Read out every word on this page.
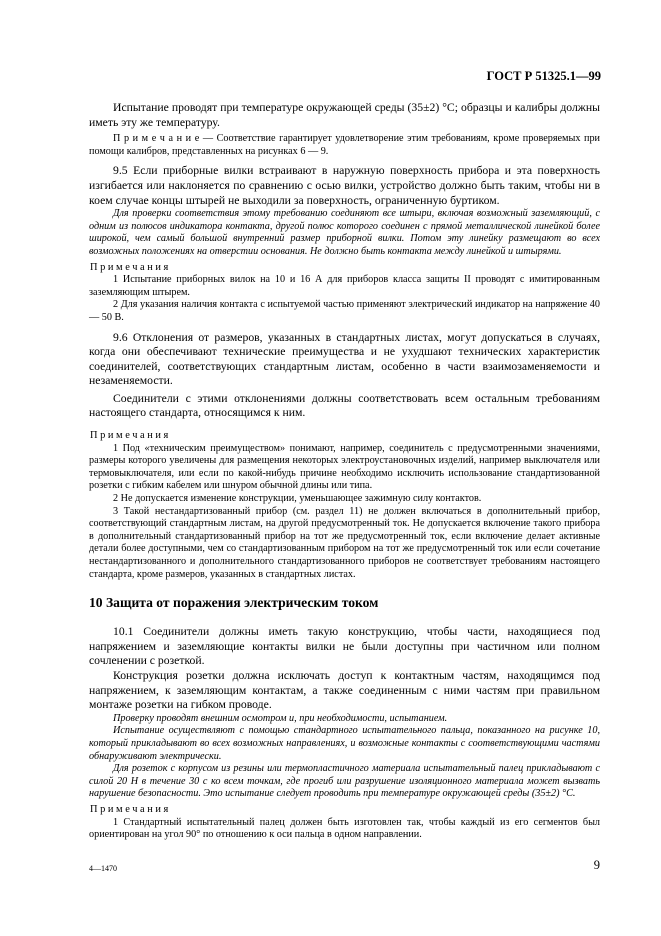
ГОСТ Р 51325.1—99

Испытание проводят при температуре окружающей среды (35±2) °С; образцы и калибры должны иметь эту же температуру.

П р и м е ч а н и е — Соответствие гарантирует удовлетворение этим требованиям, кроме проверяемых при помощи калибров, представленных на рисунках 6 — 9.

9.5 Если приборные вилки встраивают в наружную поверхность прибора и эта поверхность изгибается или наклоняется по сравнению с осью вилки, устройство должно быть таким, чтобы ни в коем случае концы штырей не выходили за поверхность, ограниченную буртиком.

Для проверки соответствия этому требованию соединяют все штыри, включая возможный заземляющий, с одним из полюсов индикатора контакта, другой полюс которого соединен с прямой металлической линейкой более широкой, чем самый большой внутренний размер приборной вилки. Потом эту линейку размещают во всех возможных положениях на отверстии основания. Не должно быть контакта между линейкой и штырями.

Примечания

1 Испытание приборных вилок на 10 и 16 А для приборов класса защиты II проводят с имитированным заземляющим штырем.

2 Для указания наличия контакта с испытуемой частью применяют электрический индикатор на напряжение 40 — 50 В.

9.6 Отклонения от размеров, указанных в стандартных листах, могут допускаться в случаях, когда они обеспечивают технические преимущества и не ухудшают технических характеристик соединителей, соответствующих стандартным листам, особенно в части взаимозаменяемости и незаменяемости.

Соединители с этими отклонениями должны соответствовать всем остальным требованиям настоящего стандарта, относящимся к ним.

Примечания

1 Под «техническим преимуществом» понимают, например, соединитель с предусмотренными значениями, размеры которого увеличены для размещения некоторых электроустановочных изделий, например выключателя или термовыключателя, или если по какой-нибудь причине необходимо исключить использование стандартизованной розетки с гибким кабелем или шнуром обычной длины или типа.

2 Не допускается изменение конструкции, уменьшающее зажимную силу контактов.

3 Такой нестандартизованный прибор (см. раздел 11) не должен включаться в дополнительный прибор, соответствующий стандартным листам, на другой предусмотренный ток. Не допускается включение такого прибора в дополнительный стандартизованный прибор на тот же предусмотренный ток, если включение делает активные детали более доступными, чем со стандартизованным прибором на тот же предусмотренный ток или если сочетание нестандартизованного и дополнительного стандартизованного приборов не соответствует требованиям настоящего стандарта, кроме размеров, указанных в стандартных листах.

10 Защита от поражения электрическим током

10.1 Соединители должны иметь такую конструкцию, чтобы части, находящиеся под напряжением и заземляющие контакты вилки не были доступны при частичном или полном сочленении с розеткой.

Конструкция розетки должна исключать доступ к контактным частям, находящимся под напряжением, к заземляющим контактам, а также соединенным с ними частям при правильном монтаже розетки на гибком проводе.

Проверку проводят внешним осмотром и, при необходимости, испытанием.

Испытание осуществляют с помощью стандартного испытательного пальца, показанного на рисунке 10, который прикладывают во всех возможных направлениях, и возможные контакты с соответствующими частями обнаруживают электрически.

Для розеток с корпусом из резины или термопластичного материала испытательный палец прикладывают с силой 20 Н в течение 30 с ко всем точкам, где прогиб или разрушение изоляционного материала может вызвать нарушение безопасности. Это испытание следует проводить при температуре окружающей среды (35±2) °С.

Примечания

1 Стандартный испытательный палец должен быть изготовлен так, чтобы каждый из его сегментов был ориентирован на угол 90° по отношению к оси пальца в одном направлении.

4—1470	9
